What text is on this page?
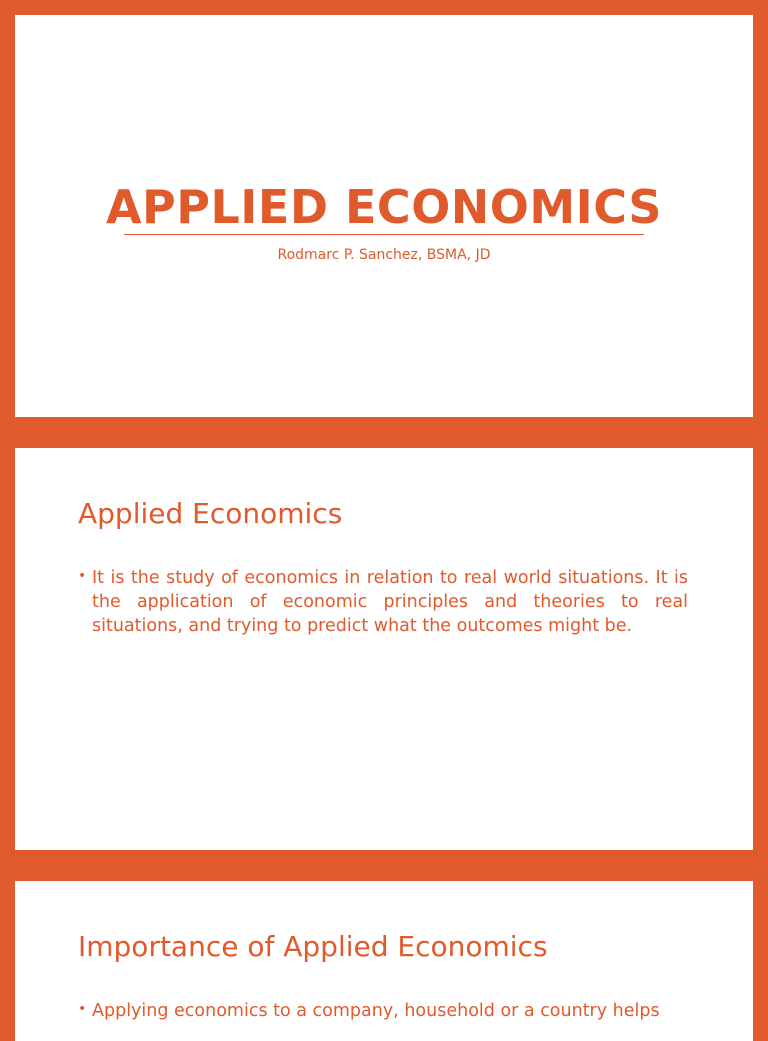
APPLIED ECONOMICS

Rodmarc P. Sanchez, BSMA, JD

Applied Economics
• It is the study of economics in relation to real world situations. It is the application of economic principles and theories to real situations, and trying to predict what the outcomes might be.
Importance of Applied Economics
• Applying economics to a company, household or a country helps
